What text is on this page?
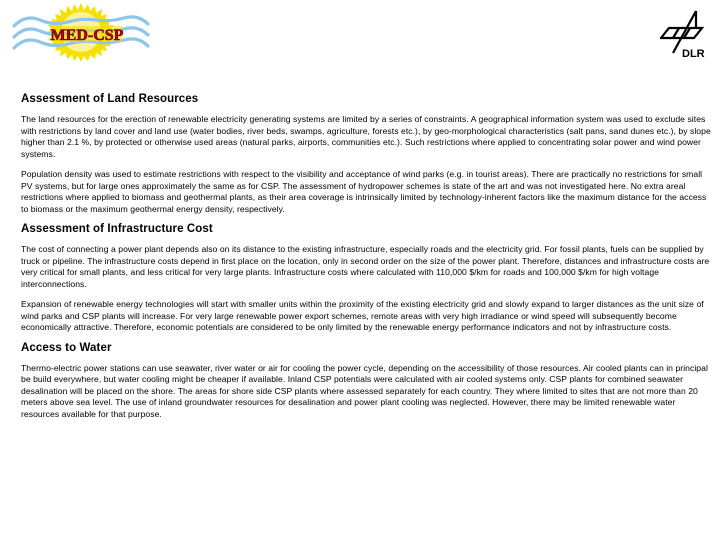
MED-CSP
DLR
Assessment of Land Resources

The land resources for the erection of renewable electricity generating systems are limited by a series of constraints. A geographical information system was used to exclude sites with restrictions by land cover and land use (water bodies, river beds, swamps, agriculture, forests etc.), by geo-morphological characteristics (salt pans, sand dunes etc.), by slope higher than 2.1 %, by protected or otherwise used areas (natural parks, airports, communities etc.). Such restrictions where applied to concentrating solar power and wind power systems.

Population density was used to estimate restrictions with respect to the visibility and acceptance of wind parks (e.g. in tourist areas). There are practically no restrictions for small PV systems, but for large ones approximately the same as for CSP. The assessment of hydropower schemes is state of the art and was not investigated here. No extra areal restrictions where applied to biomass and geothermal plants, as their area coverage is intrinsically limited by technology-inherent factors like the maximum distance for the access to biomass or the maximum geothermal energy density, respectively.

Assessment of Infrastructure Cost

The cost of connecting a power plant depends also on its distance to the existing infrastructure, especially roads and the electricity grid. For fossil plants, fuels can be supplied by truck or pipeline. The infrastructure costs depend in first place on the location, only in second order on the size of the power plant. Therefore, distances and infrastructure costs are very critical for small plants, and less critical for very large plants. Infrastructure costs where calculated with 110,000 $/km for roads and 100,000 $/km for high voltage interconnections.

Expansion of renewable energy technologies will start with smaller units within the proximity of the existing electricity grid and slowly expand to larger distances as the unit size of wind parks and CSP plants will increase. For very large renewable power export schemes, remote areas with very high irradiance or wind speed will subsequently become economically attractive. Therefore, economic potentials are considered to be only limited by the renewable energy performance indicators and not by infrastructure costs.

Access to Water

Thermo-electric power stations can use seawater, river water or air for cooling the power cycle, depending on the accessibility of those resources. Air cooled plants can in principal be build everywhere, but water cooling might be cheaper if available. Inland CSP potentials were calculated with air cooled systems only. CSP plants for combined seawater desalination will be placed on the shore. The areas for shore side CSP plants where assessed separately for each country. They where limited to sites that are not more than 20 meters above sea level. The use of inland groundwater resources for desalination and power plant cooling was neglected. However, there may be limited renewable water resources available for that purpose.
